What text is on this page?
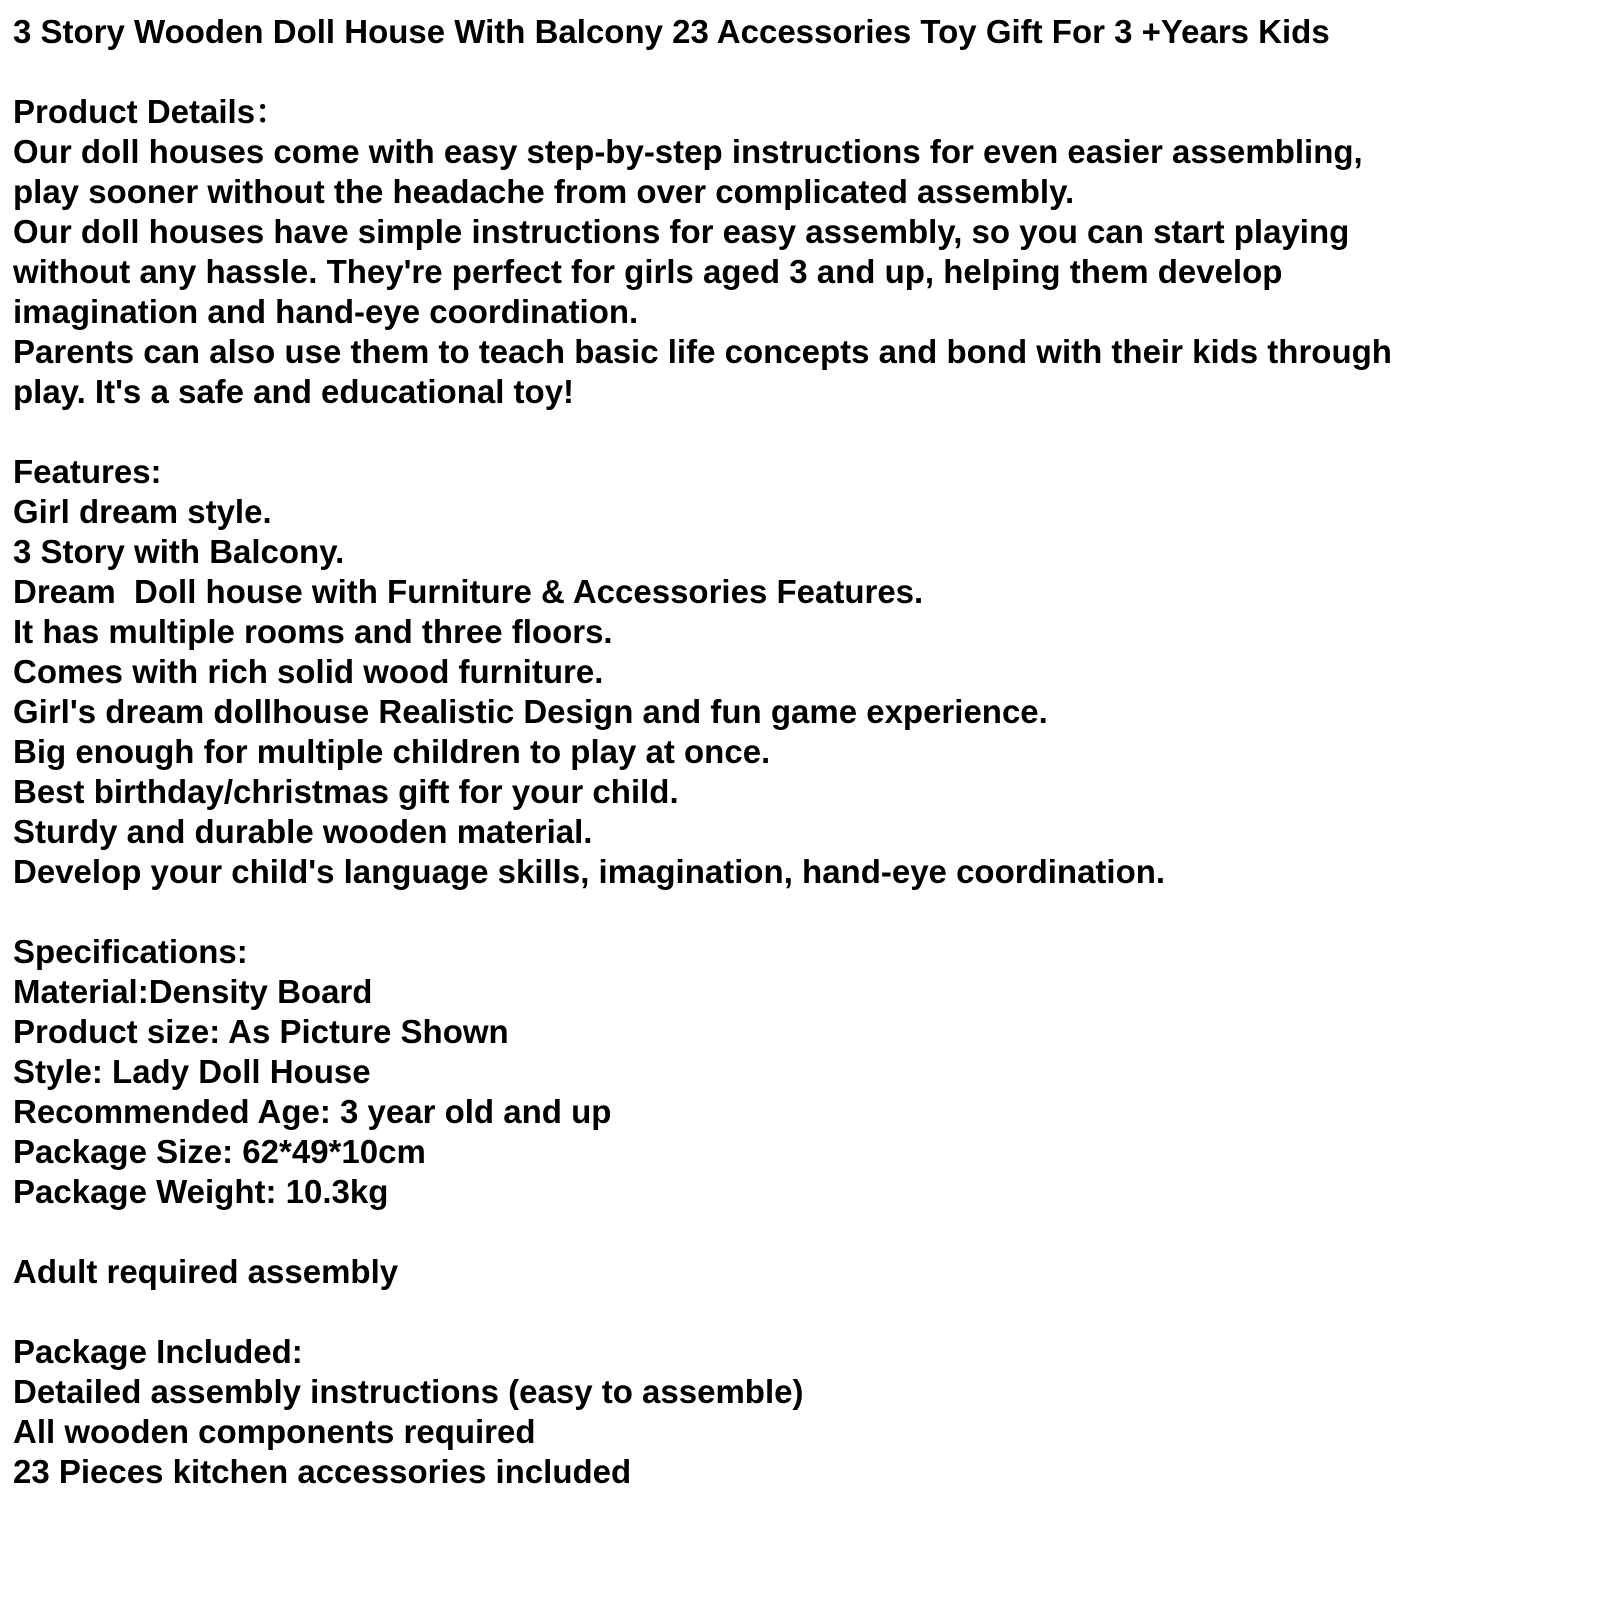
3 Story Wooden Doll House With Balcony 23 Accessories Toy Gift For 3 +Years Kids
Product Details：
Our doll houses come with easy step-by-step instructions for even easier assembling,
play sooner without the headache from over complicated assembly.
Our doll houses have simple instructions for easy assembly, so you can start playing
without any hassle. They're perfect for girls aged 3 and up, helping them develop
imagination and hand-eye coordination.
Parents can also use them to teach basic life concepts and bond with their kids through
play. It's a safe and educational toy!
Features:
Girl dream style.
3 Story with Balcony.
Dream  Doll house with Furniture & Accessories Features.
It has multiple rooms and three floors.
Comes with rich solid wood furniture.
Girl's dream dollhouse Realistic Design and fun game experience.
Big enough for multiple children to play at once.
Best birthday/christmas gift for your child.
Sturdy and durable wooden material.
Develop your child's language skills, imagination, hand-eye coordination.
Specifications:
Material:Density Board
Product size: As Picture Shown
Style: Lady Doll House
Recommended Age: 3 year old and up
Package Size: 62*49*10cm
Package Weight: 10.3kg
Adult required assembly
Package Included:
Detailed assembly instructions (easy to assemble)
All wooden components required
23 Pieces kitchen accessories included
